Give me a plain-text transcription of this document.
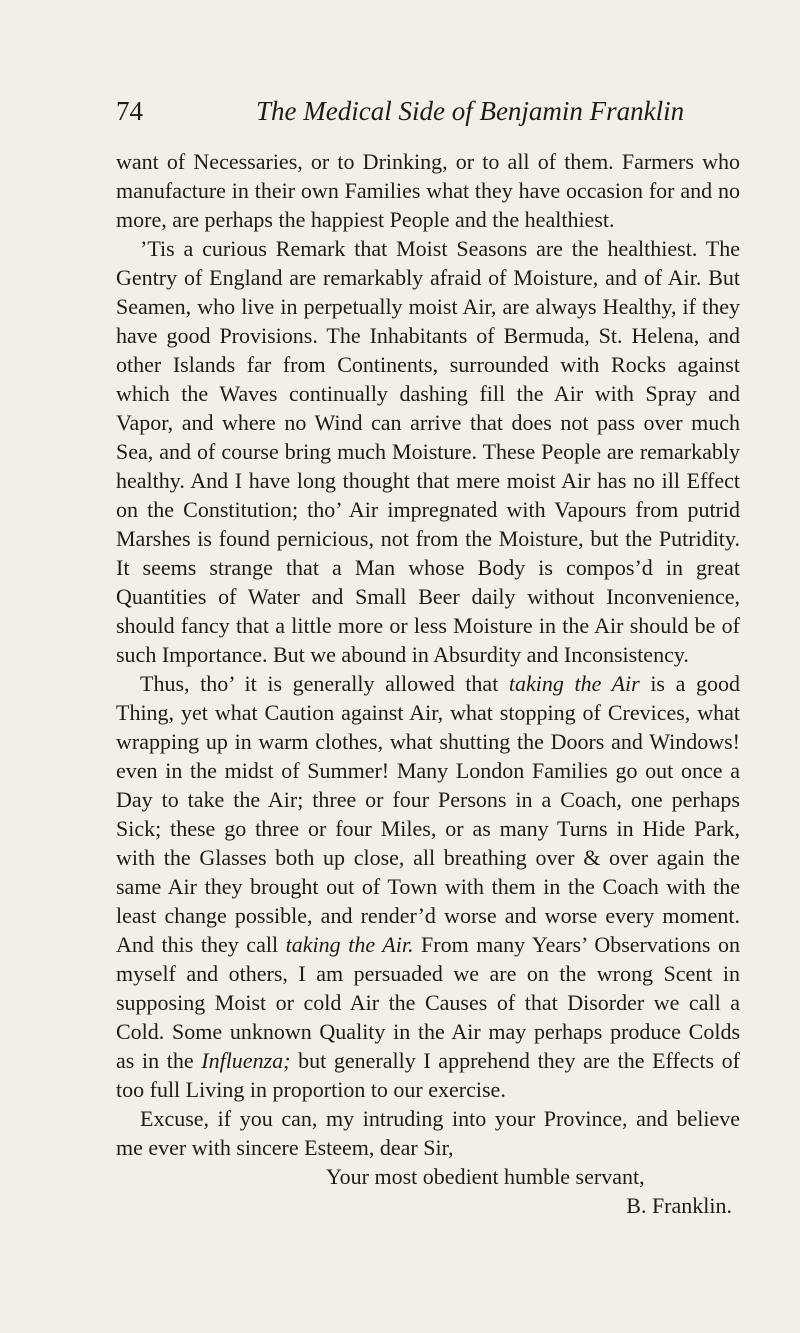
74	The Medical Side of Benjamin Franklin

want of Necessaries, or to Drinking, or to all of them. Farmers who manufacture in their own Families what they have occasion for and no more, are perhaps the happiest People and the healthiest.

’Tis a curious Remark that Moist Seasons are the healthiest. The Gentry of England are remarkably afraid of Moisture, and of Air. But Seamen, who live in perpetually moist Air, are always Healthy, if they have good Provisions. The Inhabitants of Bermuda, St. Helena, and other Islands far from Continents, surrounded with Rocks against which the Waves continually dashing fill the Air with Spray and Vapor, and where no Wind can arrive that does not pass over much Sea, and of course bring much Moisture. These People are remarkably healthy. And I have long thought that mere moist Air has no ill Effect on the Constitution; tho’ Air impregnated with Vapours from putrid Marshes is found pernicious, not from the Moisture, but the Putridity. It seems strange that a Man whose Body is compos’d in great Quantities of Water and Small Beer daily without Inconvenience, should fancy that a little more or less Moisture in the Air should be of such Importance. But we abound in Absurdity and Inconsistency.

Thus, tho’ it is generally allowed that taking the Air is a good Thing, yet what Caution against Air, what stopping of Crevices, what wrapping up in warm clothes, what shutting the Doors and Windows! even in the midst of Summer! Many London Families go out once a Day to take the Air; three or four Persons in a Coach, one perhaps Sick; these go three or four Miles, or as many Turns in Hide Park, with the Glasses both up close, all breathing over & over again the same Air they brought out of Town with them in the Coach with the least change possible, and render’d worse and worse every moment. And this they call taking the Air. From many Years’ Observations on myself and others, I am persuaded we are on the wrong Scent in supposing Moist or cold Air the Causes of that Disorder we call a Cold. Some unknown Quality in the Air may perhaps produce Colds as in the Influenza; but generally I apprehend they are the Effects of too full Living in proportion to our exercise.

Excuse, if you can, my intruding into your Province, and believe me ever with sincere Esteem, dear Sir,

Your most obedient humble servant,

B. Franklin.
